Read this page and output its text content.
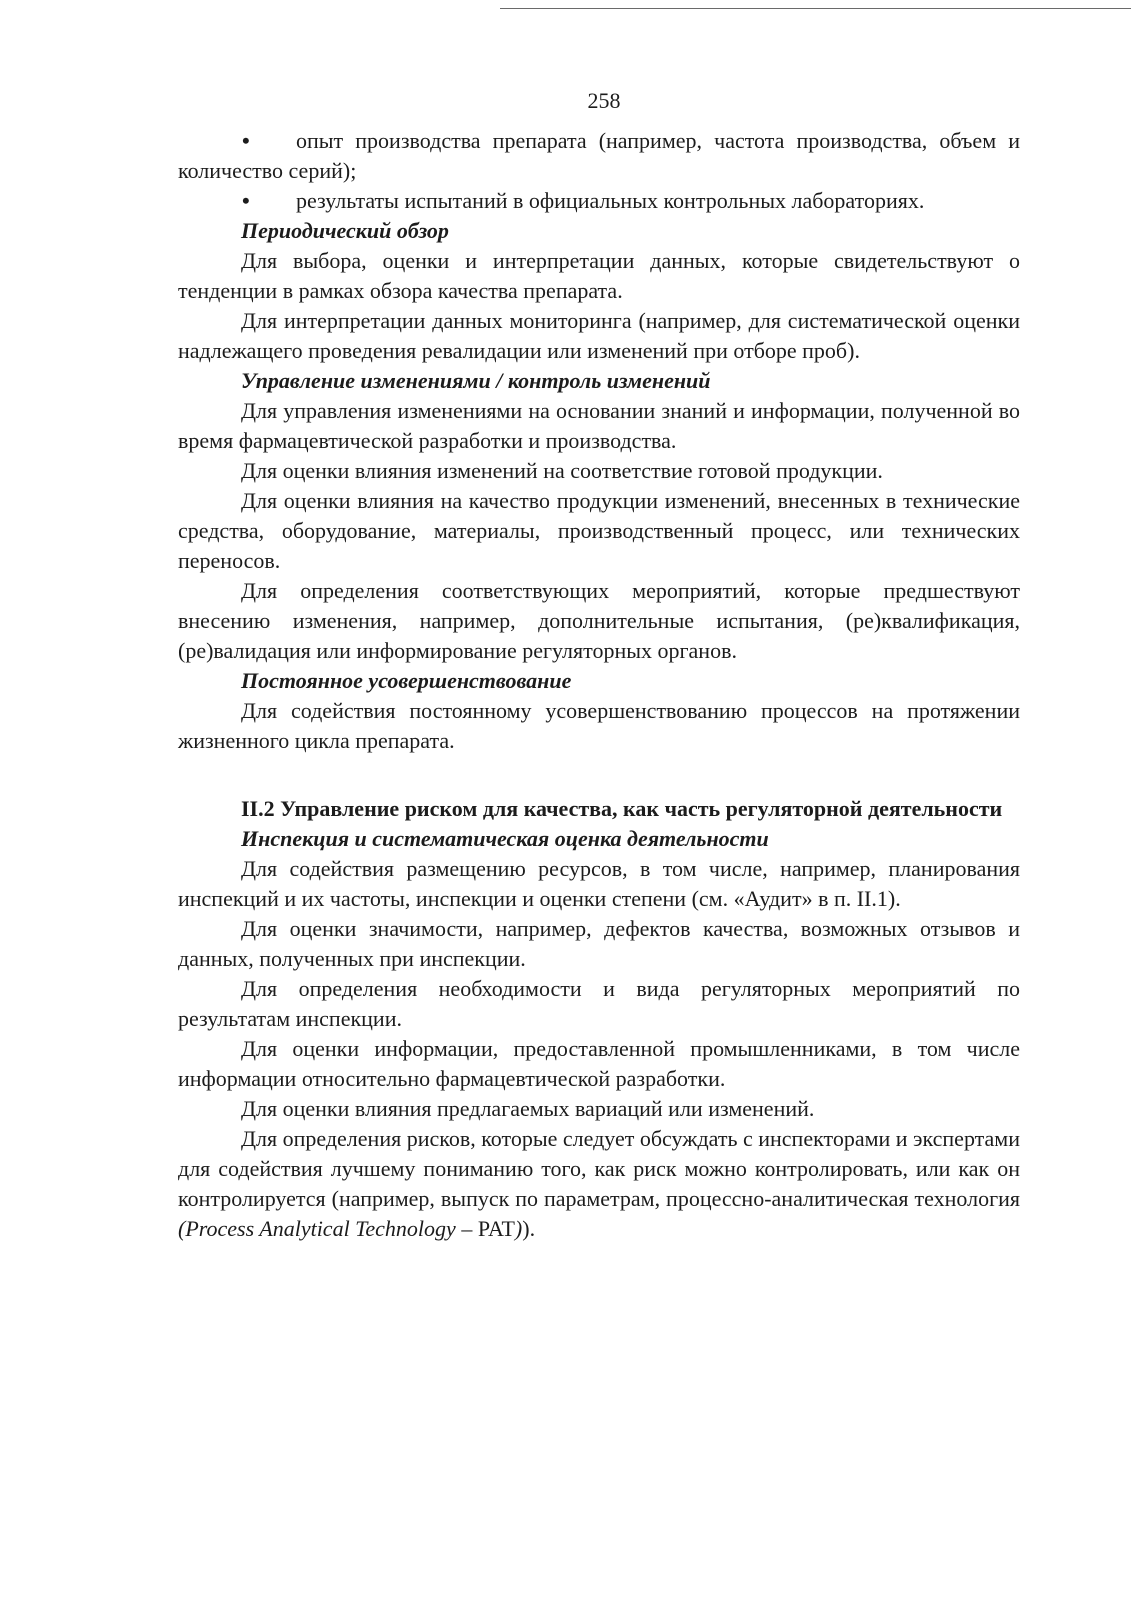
258

• опыт производства препарата (например, частота производства, объем и количество серий);

• результаты испытаний в официальных контрольных лабораториях.

Периодический обзор

Для выбора, оценки и интерпретации данных, которые свидетельствуют о тенденции в рамках обзора качества препарата.

Для интерпретации данных мониторинга (например, для систематической оценки надлежащего проведения ревалидации или изменений при отборе проб).

Управление изменениями / контроль изменений

Для управления изменениями на основании знаний и информации, полученной во время фармацевтической разработки и производства.

Для оценки влияния изменений на соответствие готовой продукции.

Для оценки влияния на качество продукции изменений, внесенных в технические средства, оборудование, материалы, производственный процесс, или технических переносов.

Для определения соответствующих мероприятий, которые предшествуют внесению изменения, например, дополнительные испытания, (ре)квалификация, (ре)валидация или информирование регуляторных органов.

Постоянное усовершенствование

Для содействия постоянному усовершенствованию процессов на протяжении жизненного цикла препарата.

II.2 Управление риском для качества, как часть регуляторной деятельности

Инспекция и систематическая оценка деятельности

Для содействия размещению ресурсов, в том числе, например, планирования инспекций и их частоты, инспекции и оценки степени (см. «Аудит» в п. II.1).

Для оценки значимости, например, дефектов качества, возможных отзывов и данных, полученных при инспекции.

Для определения необходимости и вида регуляторных мероприятий по результатам инспекции.

Для оценки информации, предоставленной промышленниками, в том числе информации относительно фармацевтической разработки.

Для оценки влияния предлагаемых вариаций или изменений.

Для определения рисков, которые следует обсуждать с инспекторами и экспертами для содействия лучшему пониманию того, как риск можно контролировать, или как он контролируется (например, выпуск по параметрам, процессно-аналитическая технология (Process Analytical Technology – PAT)).
